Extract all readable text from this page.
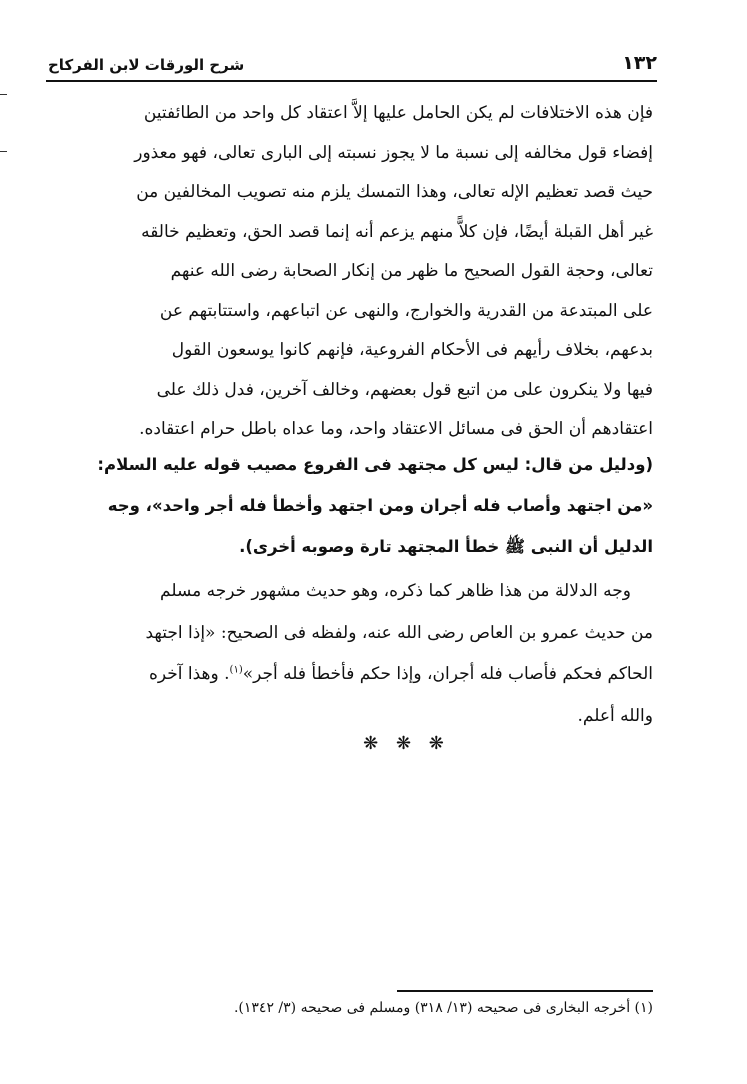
١٣٢
شرح الورقات لابن الفركاح

فإن هذه الاختلافات لم يكن الحامل عليها إلاَّ اعتقاد كل واحد من الطائفتين

إفضاء قول مخالفه إلى نسبة ما لا يجوز نسبته إلى البارى تعالى، فهو معذور

حيث قصد تعظيم الإله تعالى، وهذا التمسك يلزم منه تصويب المخالفين من

غير أهل القبلة أيضًا، فإن كلاًّ منهم يزعم أنه إنما قصد الحق، وتعظيم خالقه

تعالى، وحجة القول الصحيح ما ظهر من إنكار الصحابة رضى الله عنهم

على المبتدعة من القدرية والخوارج، والنهى عن اتباعهم، واستتابتهم عن

بدعهم، بخلاف رأيهم فى الأحكام الفروعية، فإنهم كانوا يوسعون القول

فيها ولا ينكرون على من اتبع قول بعضهم، وخالف آخرين، فدل ذلك على

اعتقادهم أن الحق فى مسائل الاعتقاد واحد، وما عداه باطل حرام اعتقاده.

(ودليل من قال: ليس كل مجتهد فى الفروع مصيب قوله عليه السلام:

«من اجتهد وأصاب فله أجران ومن اجتهد وأخطأ فله أجر واحد»، وجه

الدليل أن النبى ﷺ خطأ المجتهد تارة وصوبه أخرى).

وجه الدلالة من هذا ظاهر كما ذكره، وهو حديث مشهور خرجه مسلم

من حديث عمرو بن العاص رضى الله عنه، ولفظه فى الصحيح: «إذا اجتهد

الحاكم فحكم فأصاب فله أجران، وإذا حكم فأخطأ فله أجر»$^{(١)}$. وهذا آخره

والله أعلم.

❋ ❋ ❋
(١) أخرجه البخارى فى صحيحه (١٣/ ٣١٨) ومسلم فى صحيحه (٣/ ١٣٤٢).
